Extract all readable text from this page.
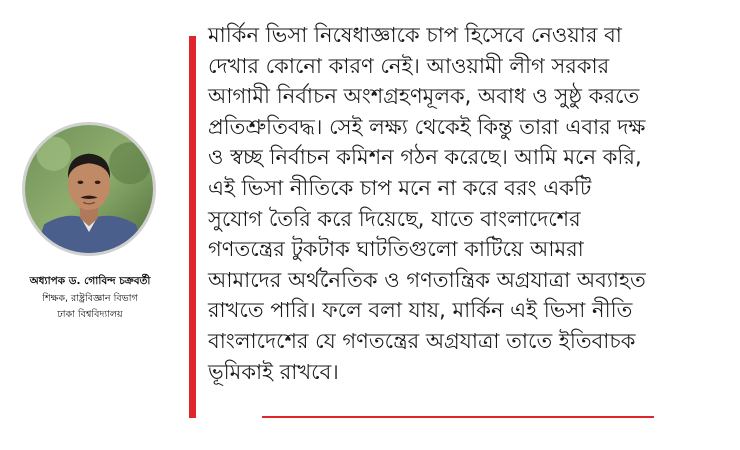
অধ্যাপক ড. গোবিন্দ চক্রবর্তী
শিক্ষক, রাষ্ট্রবিজ্ঞান বিভাগ
ঢাকা বিশ্ববিদ্যালয়

মার্কিন ভিসা নিষেধাজ্ঞাকে চাপ হিসেবে নেওয়ার বা
দেখার কোনো কারণ নেই। আওয়ামী লীগ সরকার
আগামী নির্বাচন অংশগ্রহণমূলক, অবাধ ও সুষ্ঠু করতে
প্রতিশ্রুতিবদ্ধ। সেই লক্ষ্য থেকেই কিন্তু তারা এবার দক্ষ
ও স্বচ্ছ নির্বাচন কমিশন গঠন করেছে। আমি মনে করি,
এই ভিসা নীতিকে চাপ মনে না করে বরং একটি
সুযোগ তৈরি করে দিয়েছে, যাতে বাংলাদেশের
গণতন্ত্রের টুকটাক ঘাটতিগুলো কাটিয়ে আমরা
আমাদের অর্থনৈতিক ও গণতান্ত্রিক অগ্রযাত্রা অব্যাহত
রাখতে পারি। ফলে বলা যায়, মার্কিন এই ভিসা নীতি
বাংলাদেশের যে গণতন্ত্রের অগ্রযাত্রা তাতে ইতিবাচক
ভূমিকাই রাখবে।
